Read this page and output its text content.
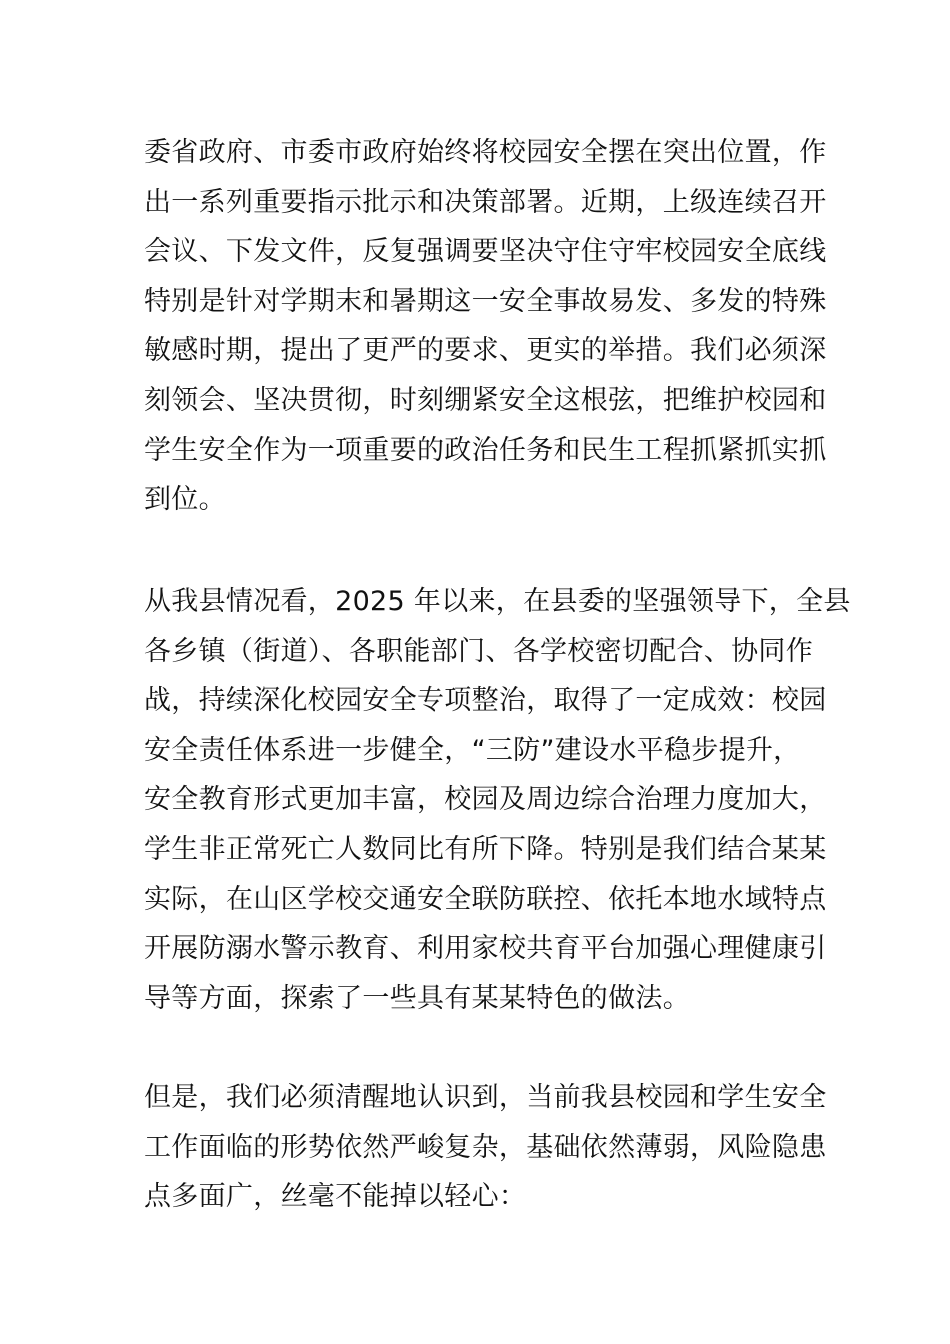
委省政府、市委市政府始终将校园安全摆在突出位置，作
出一系列重要指示批示和决策部署。近期，上级连续召开
会议、下发文件，反复强调要坚决守住守牢校园安全底线
特别是针对学期末和暑期这一安全事故易发、多发的特殊
敏感时期，提出了更严的要求、更实的举措。我们必须深
刻领会、坚决贯彻，时刻绷紧安全这根弦，把维护校园和
学生安全作为一项重要的政治任务和民生工程抓紧抓实抓
到位。

从我县情况看，2025 年以来，在县委的坚强领导下，全县
各乡镇（街道）、各职能部门、各学校密切配合、协同作
战，持续深化校园安全专项整治，取得了一定成效：校园
安全责任体系进一步健全，“三防”建设水平稳步提升，
安全教育形式更加丰富，校园及周边综合治理力度加大，
学生非正常死亡人数同比有所下降。特别是我们结合某某
实际，在山区学校交通安全联防联控、依托本地水域特点
开展防溺水警示教育、利用家校共育平台加强心理健康引
导等方面，探索了一些具有某某特色的做法。

但是，我们必须清醒地认识到，当前我县校园和学生安全
工作面临的形势依然严峻复杂，基础依然薄弱，风险隐患
点多面广，丝毫不能掉以轻心：
